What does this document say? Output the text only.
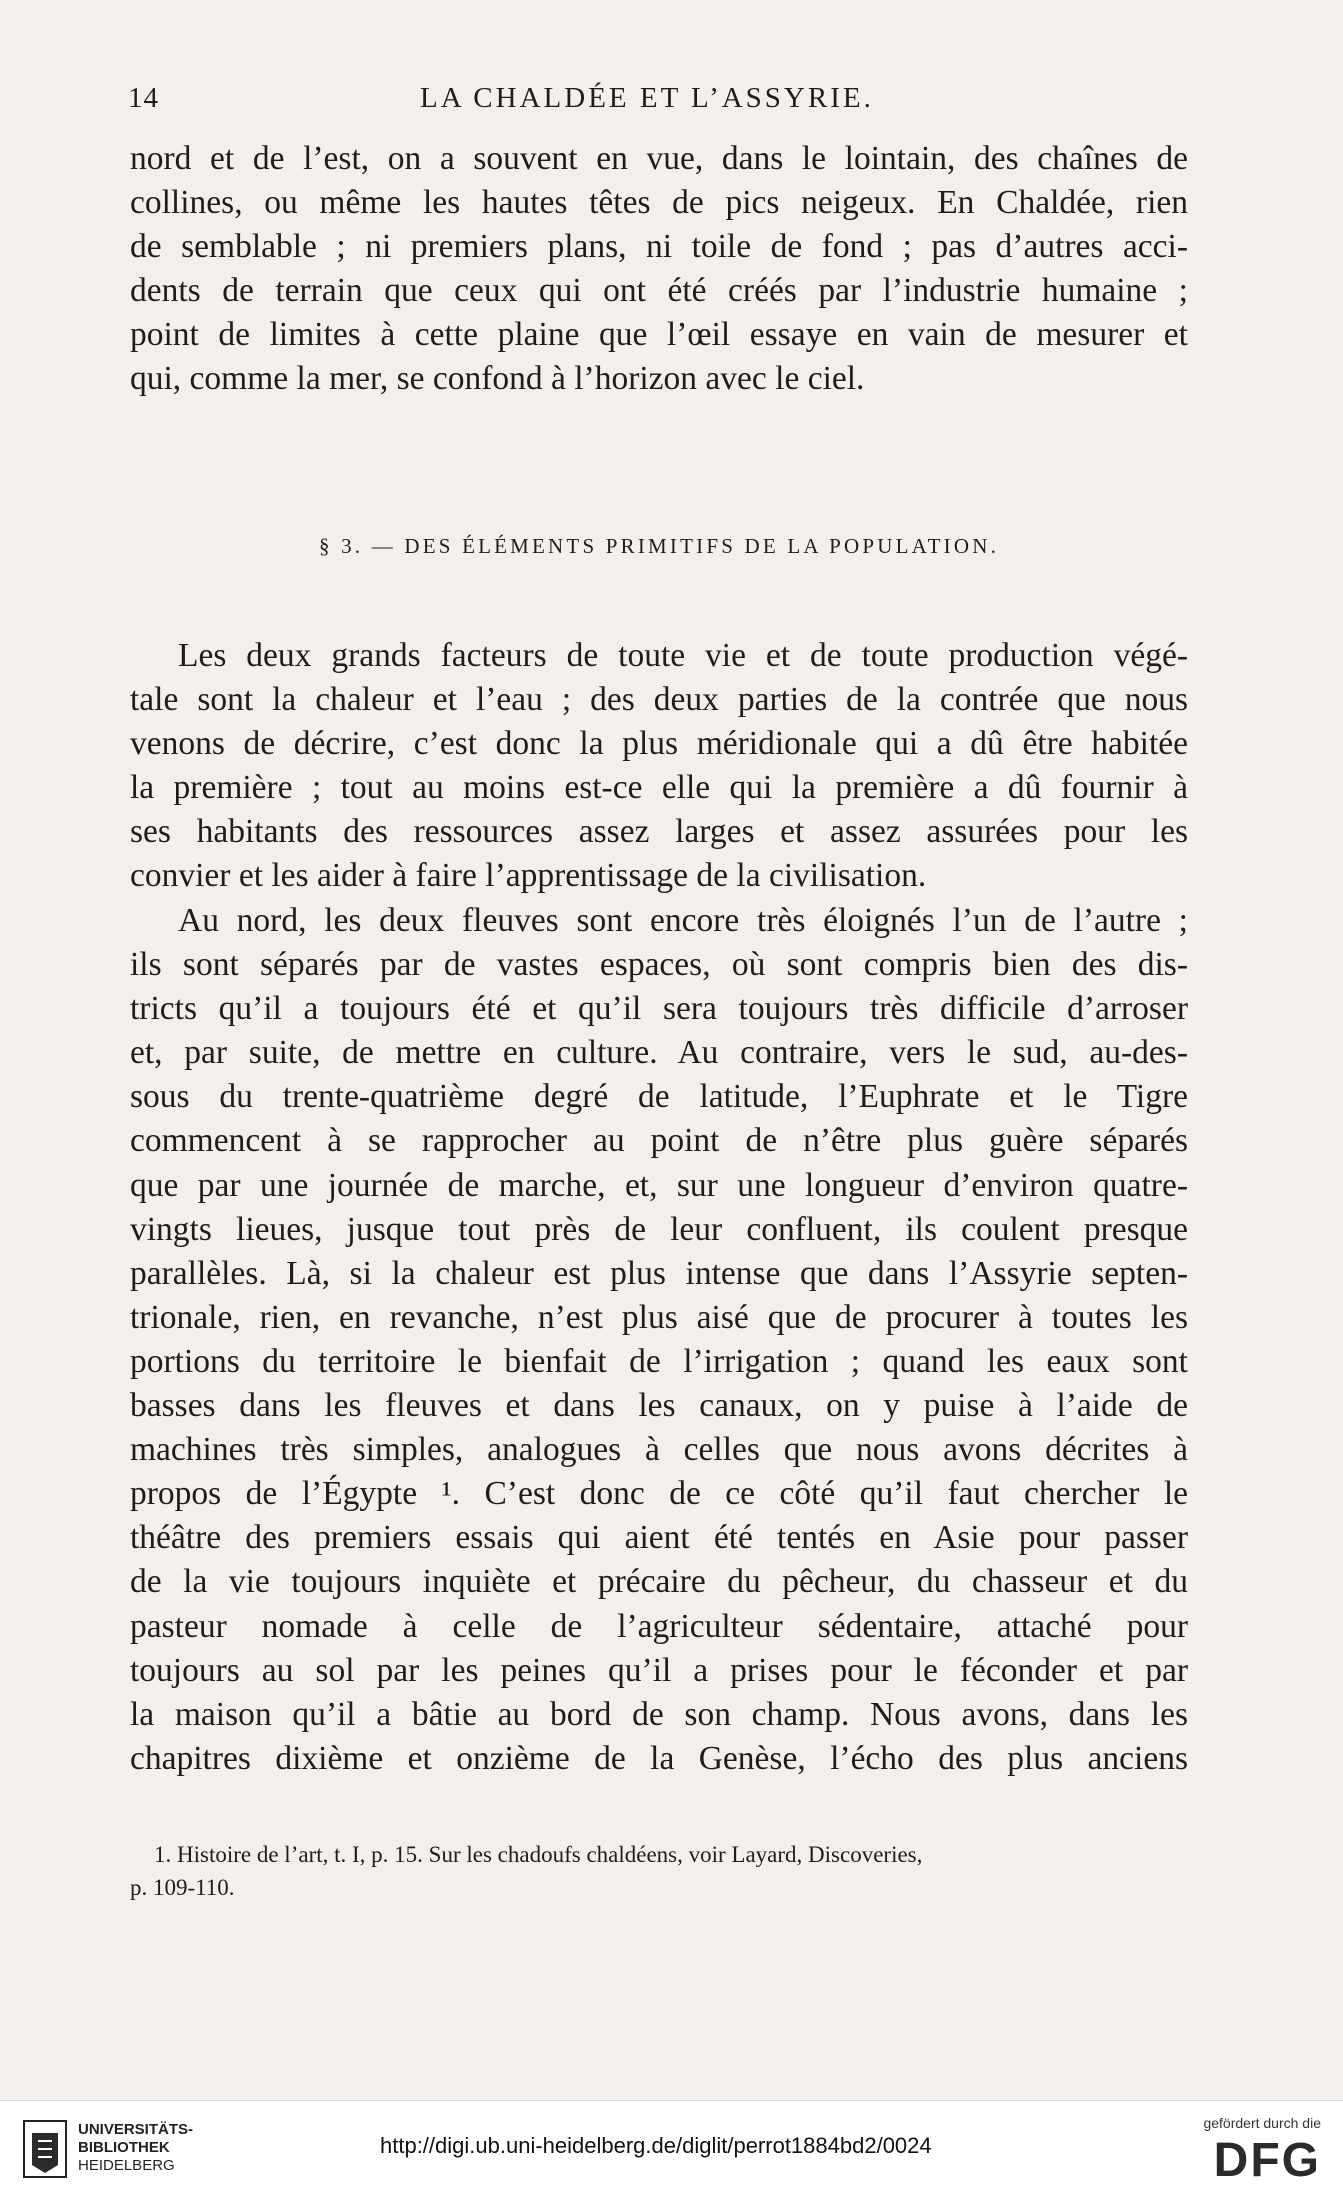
14	LA CHALDÉE ET L’ASSYRIE.
nord et de l’est, on a souvent en vue, dans le lointain, des chaînes de
collines, ou même les hautes têtes de pics neigeux. En Chaldée, rien
de semblable ; ni premiers plans, ni toile de fond ; pas d’autres acci-
dents de terrain que ceux qui ont été créés par l’industrie humaine ;
point de limites à cette plaine que l’œil essaye en vain de mesurer et
qui, comme la mer, se confond à l’horizon avec le ciel.
§ 3. — DES ÉLÉMENTS PRIMITIFS DE LA POPULATION.
Les deux grands facteurs de toute vie et de toute production végé-
tale sont la chaleur et l’eau ; des deux parties de la contrée que nous
venons de décrire, c’est donc la plus méridionale qui a dû être habitée
la première ; tout au moins est-ce elle qui la première a dû fournir à
ses habitants des ressources assez larges et assez assurées pour les
convier et les aider à faire l’apprentissage de la civilisation.
Au nord, les deux fleuves sont encore très éloignés l’un de l’autre ;
ils sont séparés par de vastes espaces, où sont compris bien des dis-
tricts qu’il a toujours été et qu’il sera toujours très difficile d’arroser
et, par suite, de mettre en culture. Au contraire, vers le sud, au-des-
sous du trente-quatrième degré de latitude, l’Euphrate et le Tigre
commencent à se rapprocher au point de n’être plus guère séparés
que par une journée de marche, et, sur une longueur d’environ quatre-
vingts lieues, jusque tout près de leur confluent, ils coulent presque
parallèles. Là, si la chaleur est plus intense que dans l’Assyrie septen-
trionale, rien, en revanche, n’est plus aisé que de procurer à toutes les
portions du territoire le bienfait de l’irrigation ; quand les eaux sont
basses dans les fleuves et dans les canaux, on y puise à l’aide de
machines très simples, analogues à celles que nous avons décrites à
propos de l’Égypte ¹. C’est donc de ce côté qu’il faut chercher le
théâtre des premiers essais qui aient été tentés en Asie pour passer
de la vie toujours inquiète et précaire du pêcheur, du chasseur et du
pasteur nomade à celle de l’agriculteur sédentaire, attaché pour
toujours au sol par les peines qu’il a prises pour le féconder et par
la maison qu’il a bâtie au bord de son champ. Nous avons, dans les
chapitres dixième et onzième de la Genèse, l’écho des plus anciens
1. Histoire de l’art, t. I, p. 15. Sur les chadoufs chaldéens, voir Layard, Discoveries,
p. 109-110.
UNIVERSITÄTS-
BIBLIOTHEK
HEIDELBERG
http://digi.ub.uni-heidelberg.de/diglit/perrot1884bd2/0024
gefördert durch die
DFG
